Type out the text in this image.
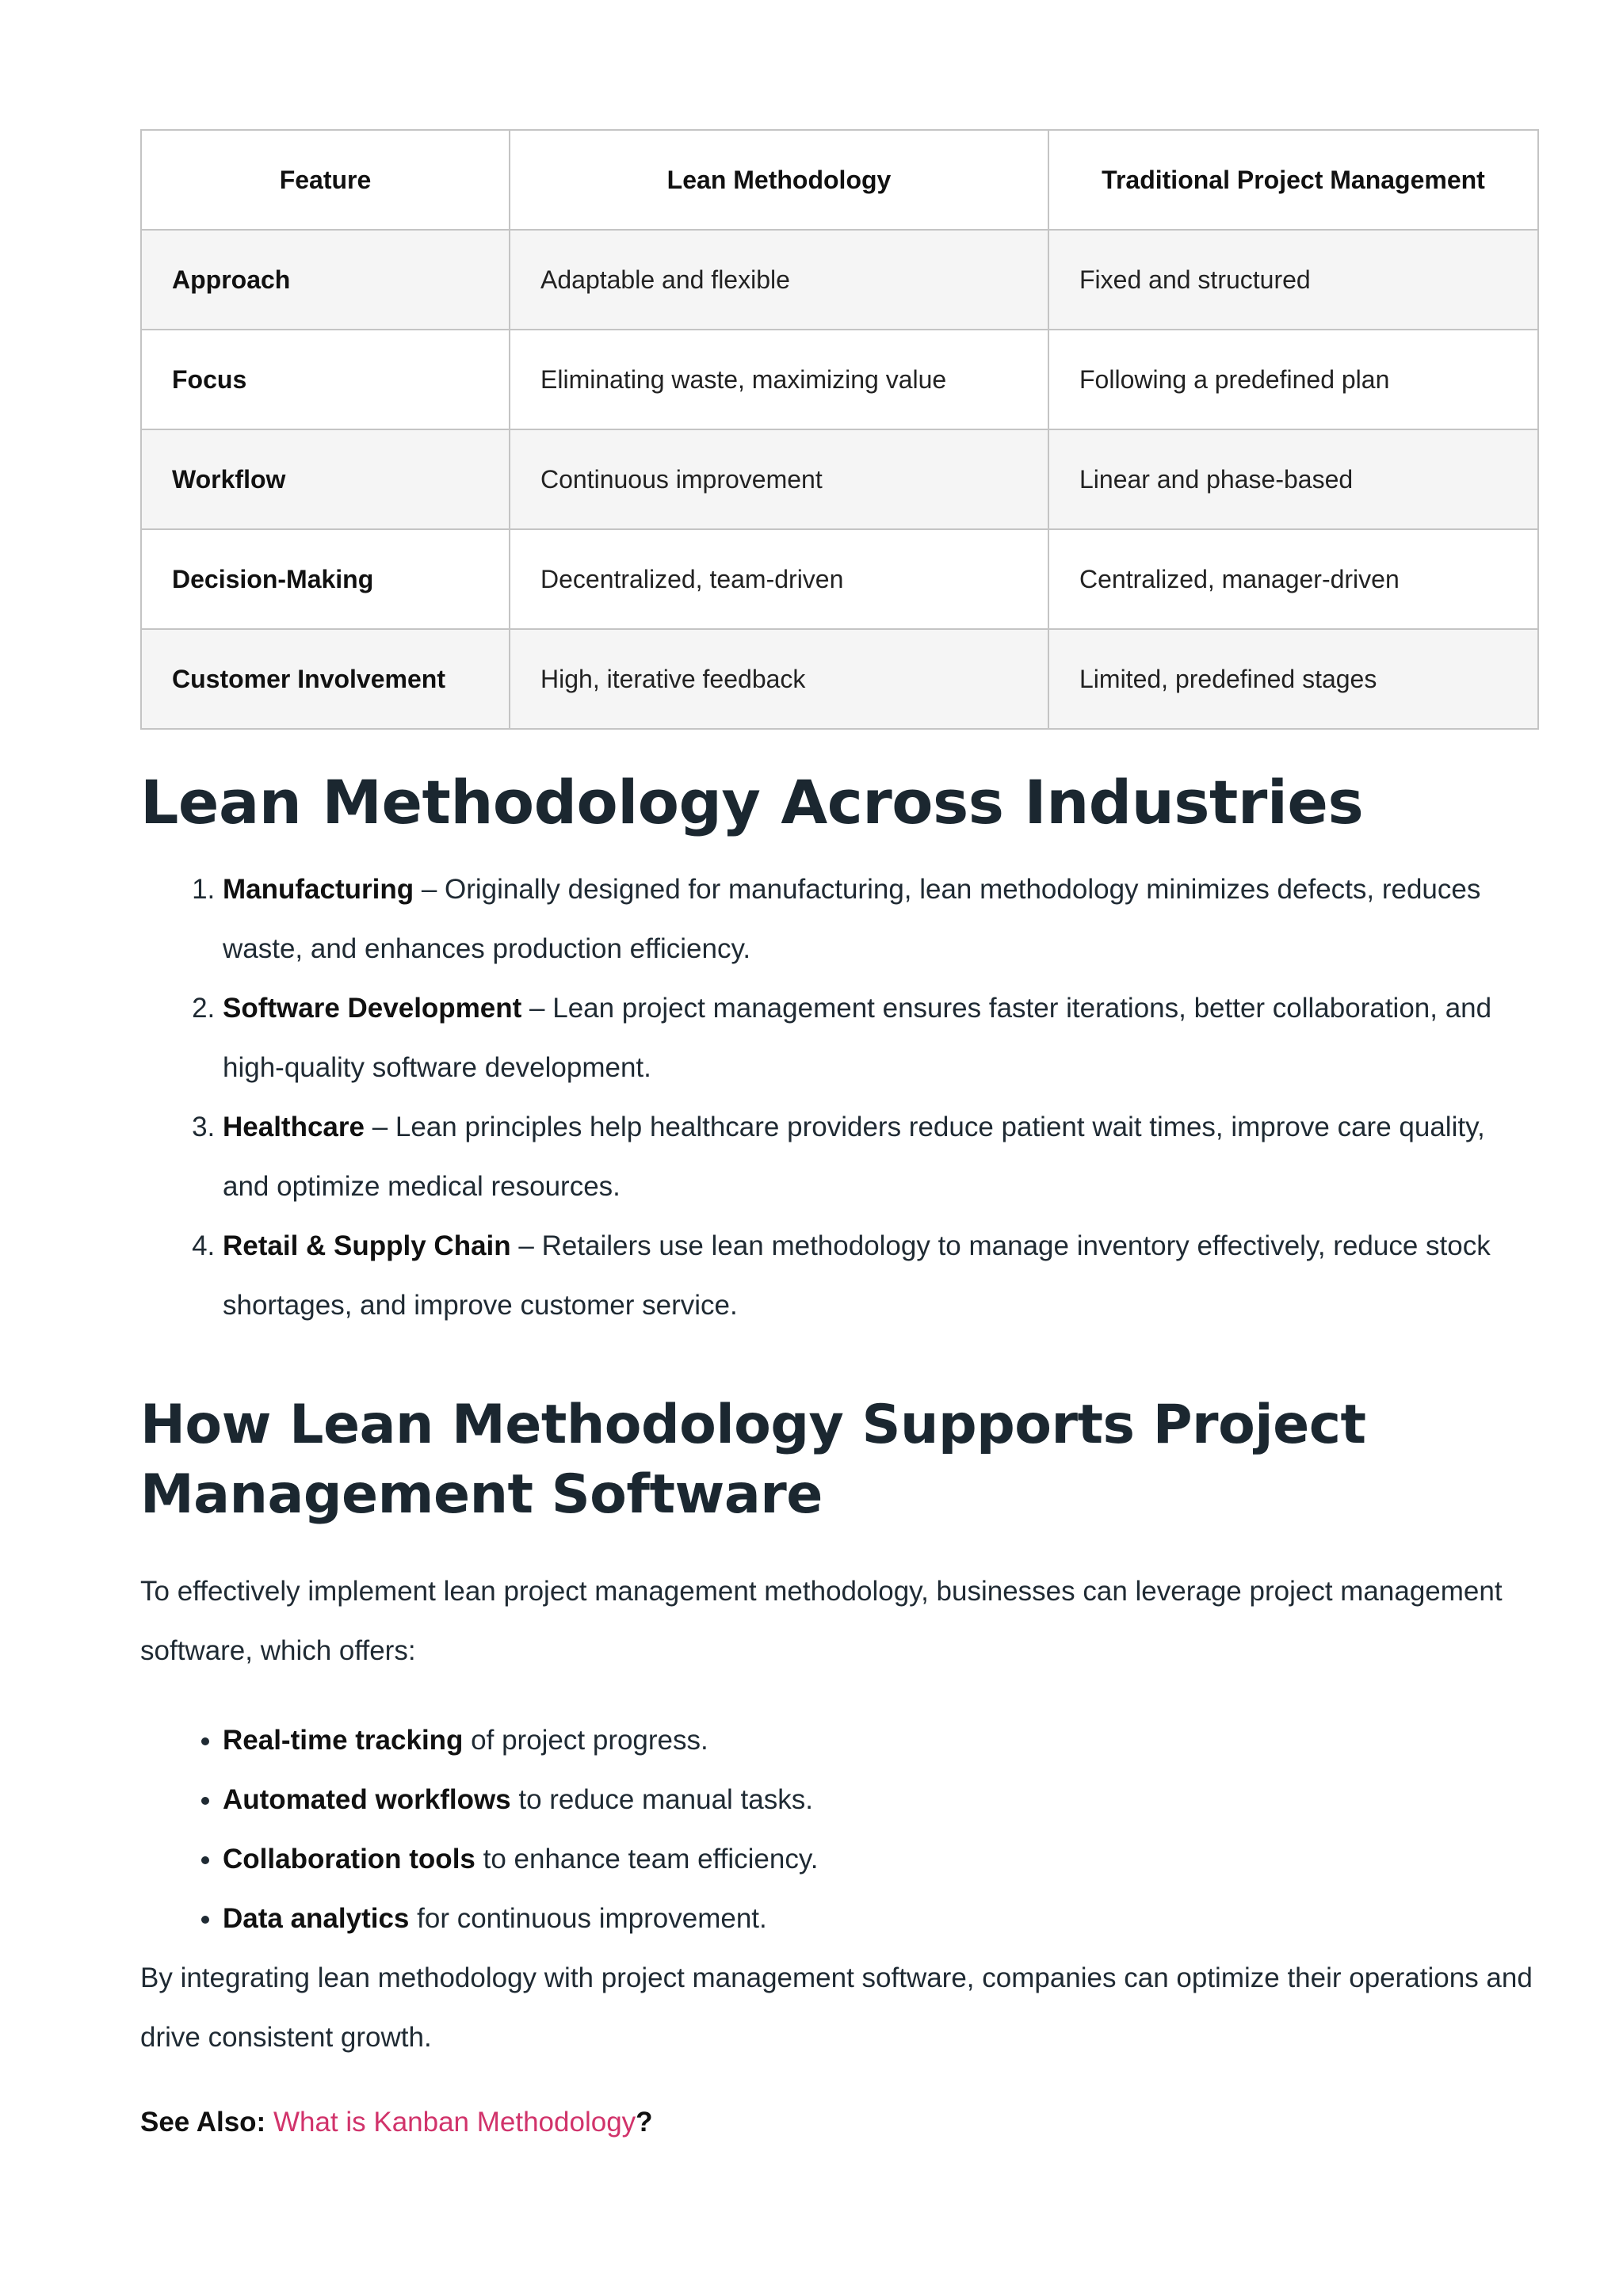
Feature	Lean Methodology	Traditional Project Management
Approach	Adaptable and flexible	Fixed and structured
Focus	Eliminating waste, maximizing value	Following a predefined plan
Workflow	Continuous improvement	Linear and phase-based
Decision-Making	Decentralized, team-driven	Centralized, manager-driven
Customer Involvement	High, iterative feedback	Limited, predefined stages
Lean Methodology Across Industries
1. Manufacturing – Originally designed for manufacturing, lean methodology minimizes defects, reduces waste, and enhances production efficiency.
2. Software Development – Lean project management ensures faster iterations, better collaboration, and high-quality software development.
3. Healthcare – Lean principles help healthcare providers reduce patient wait times, improve care quality, and optimize medical resources.
4. Retail & Supply Chain – Retailers use lean methodology to manage inventory effectively, reduce stock shortages, and improve customer service.
How Lean Methodology Supports Project Management Software

To effectively implement lean project management methodology, businesses can leverage project management software, which offers:

• Real-time tracking of project progress.
• Automated workflows to reduce manual tasks.
• Collaboration tools to enhance team efficiency.
• Data analytics for continuous improvement.

By integrating lean methodology with project management software, companies can optimize their operations and drive consistent growth.

See Also: What is Kanban Methodology?
